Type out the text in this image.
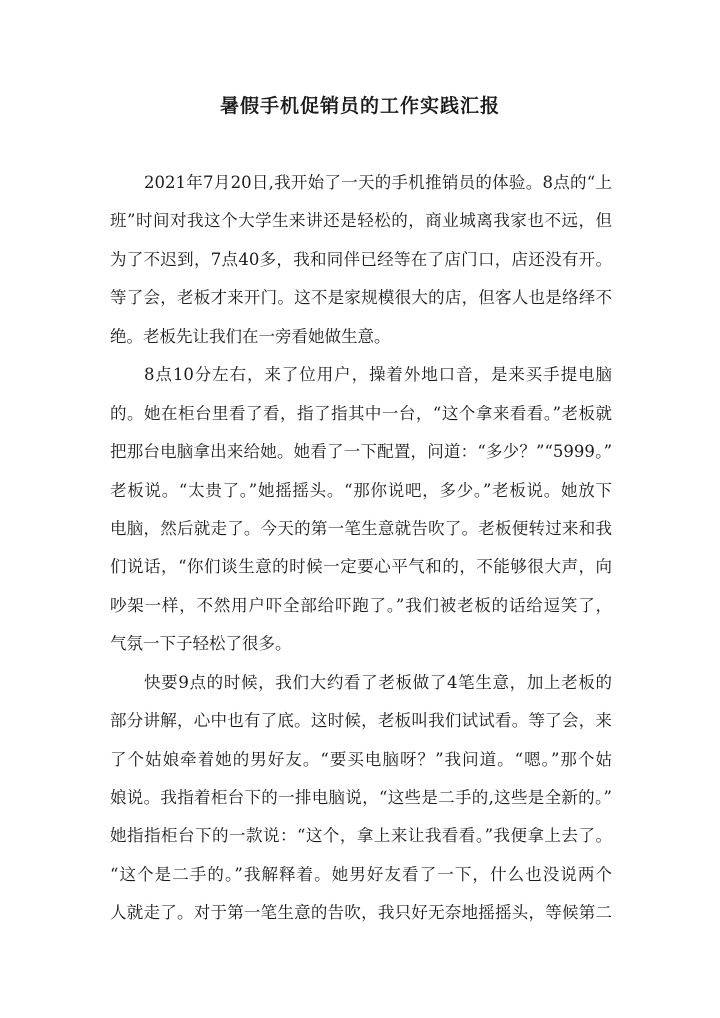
暑假手机促销员的工作实践汇报
2021年7月20日,我开始了一天的手机推销员的体验。8点的“上
班”时间对我这个大学生来讲还是轻松的，商业城离我家也不远，但
为了不迟到，7点40多，我和同伴已经等在了店门口，店还没有开。
等了会，老板才来开门。这不是家规模很大的店，但客人也是络绎不
绝。老板先让我们在一旁看她做生意。
8点10分左右，来了位用户，操着外地口音，是来买手提电脑
的。她在柜台里看了看，指了指其中一台，“这个拿来看看。”老板就
把那台电脑拿出来给她。她看了一下配置，问道：“多少？”“5999。”
老板说。“太贵了。”她摇摇头。“那你说吧，多少。”老板说。她放下
电脑，然后就走了。今天的第一笔生意就告吹了。老板便转过来和我
们说话，“你们谈生意的时候一定要心平气和的，不能够很大声，向
吵架一样，不然用户吓全部给吓跑了。”我们被老板的话给逗笑了，
气氛一下子轻松了很多。
快要9点的时候，我们大约看了老板做了4笔生意，加上老板的
部分讲解，心中也有了底。这时候，老板叫我们试试看。等了会，来
了个姑娘牵着她的男好友。“要买电脑呀？”我问道。“嗯。”那个姑
娘说。我指着柜台下的一排电脑说，“这些是二手的,这些是全新的。”
她指指柜台下的一款说：“这个，拿上来让我看看。”我便拿上去了。
“这个是二手的。”我解释着。她男好友看了一下，什么也没说两个
人就走了。对于第一笔生意的告吹，我只好无奈地摇摇头，等候第二
